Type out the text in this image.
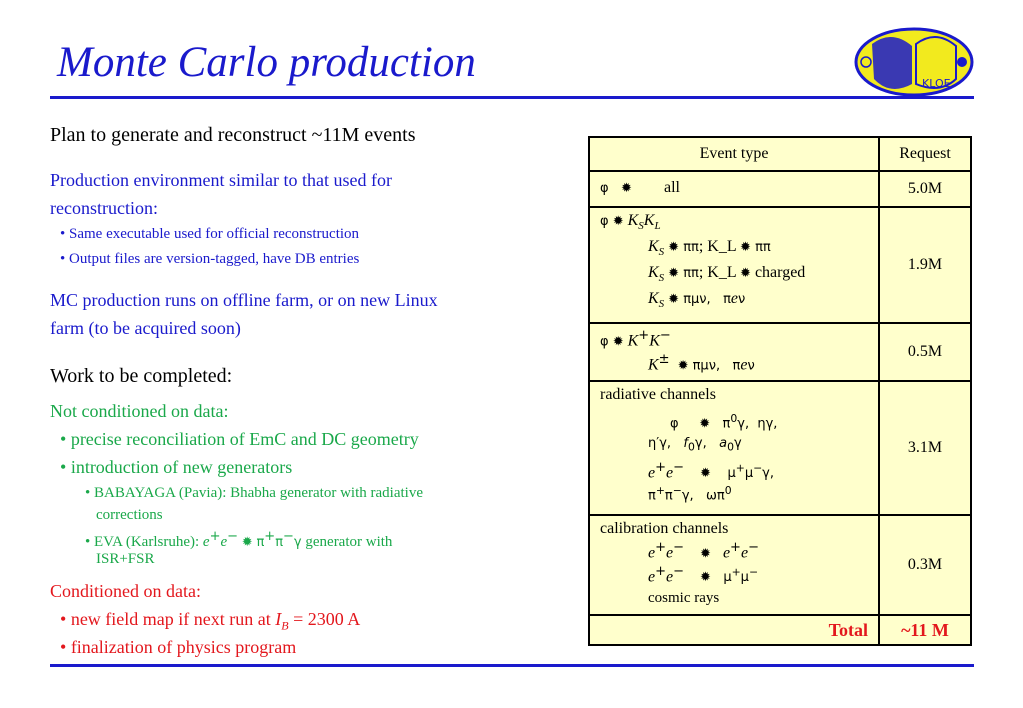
Monte Carlo production	KLOE
Plan to generate and reconstruct ~11M events
Production environment similar to that used for
reconstruction:
• Same executable used for official reconstruction
• Output files are version-tagged, have DB entries
MC production runs on offline farm, or on new Linux
farm (to be acquired soon)
Work to be completed:
Not conditioned on data:
• precise reconciliation of EmC and DC geometry
• introduction of new generators
• BABAYAGA (Pavia): Bhabha generator with radiative
corrections
• EVA (Karlsruhe): e+e− ✹ π+π−γ generator with
ISR+FSR
Conditioned on data:
• new field map if next run at $I_B = 2300$ A
• finalization of physics program
Event type	Request

φ   ✹ all	5.0M

φ ✹ $K_SK_L$
$K_S$ ✹ ππ; K_L ✹ ππ
$K_S$ ✹ ππ; K_L ✹ charged
$K_S$ ✹ πμν,   πeν	1.9M

φ ✹ K+K−
K± ✹ πμν,   πeν	0.5M

radiative channels
φ     ✹   $\pi^0\gamma$,  ηγ,
η′γ,   $f_0\gamma$,   $a_0\gamma$
e+e− ✹    μ+μ−γ,
π+π−γ,   $\omega\pi^0$	3.1M

calibration channels
e+e− ✹ e+e−
e+e− ✹   μ+μ−
cosmic rays	0.3M
Total	~11 M
